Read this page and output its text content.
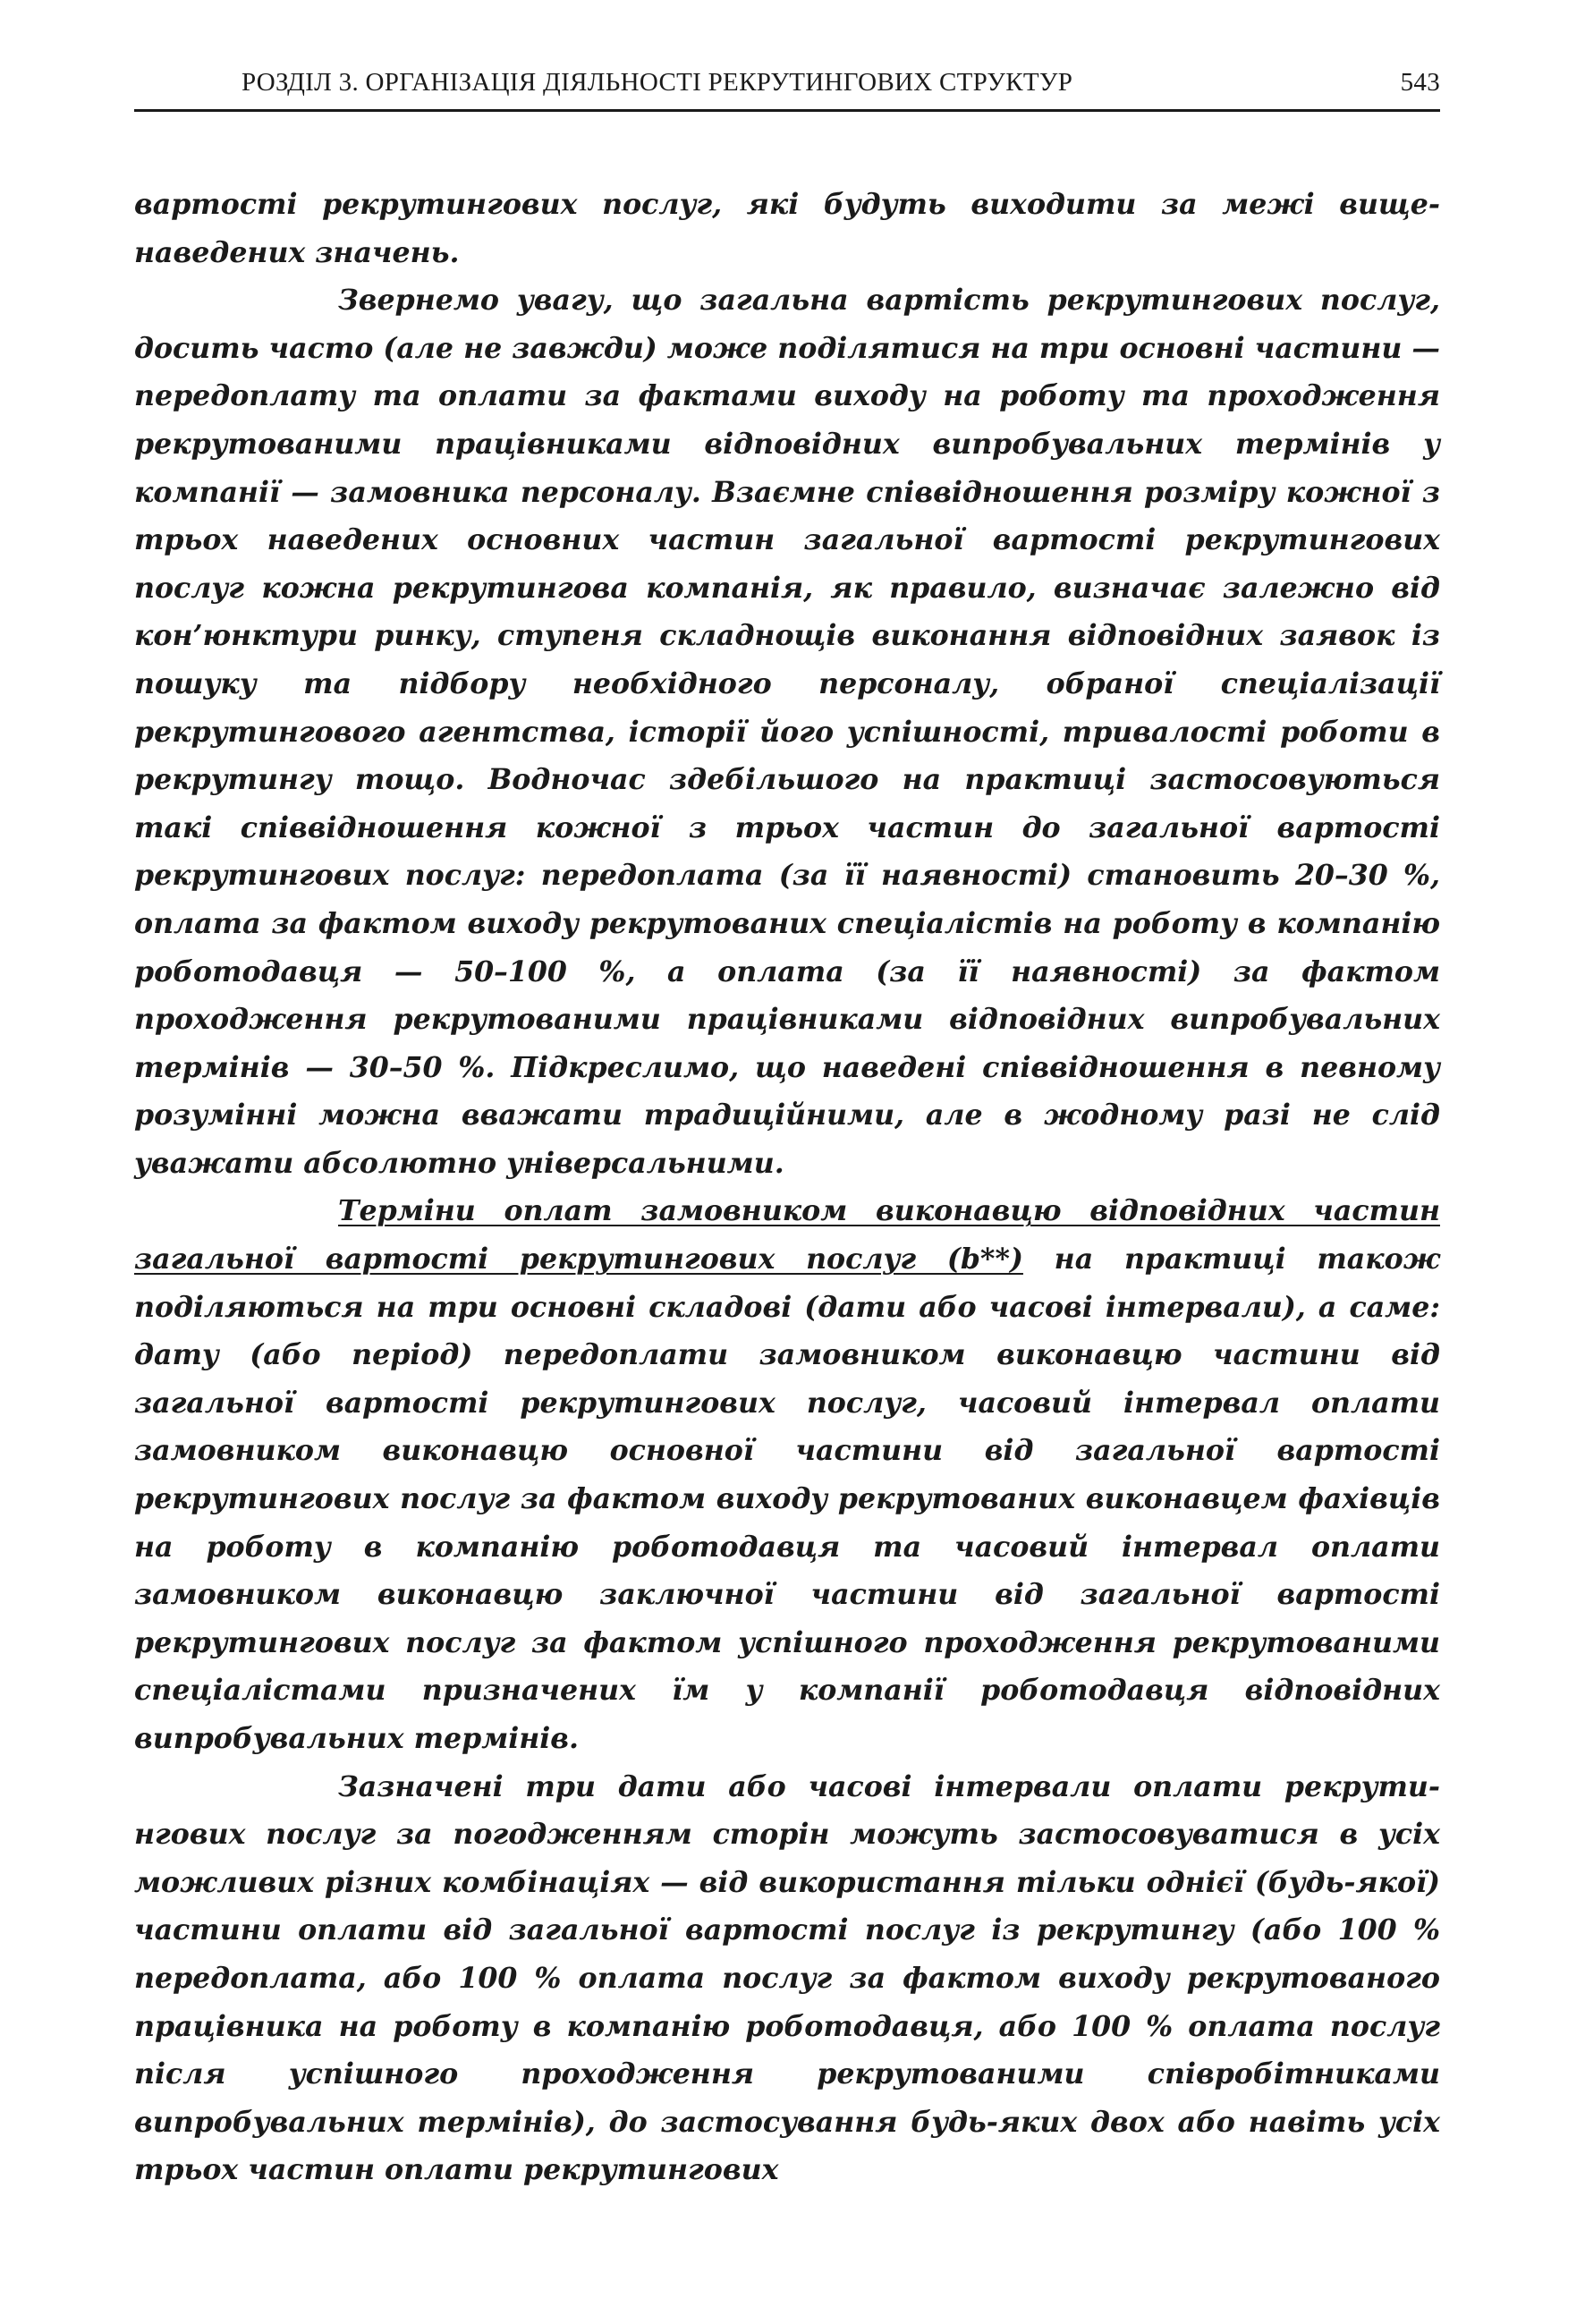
РОЗДІЛ 3. ОРГАНІЗАЦІЯ ДІЯЛЬНОСТІ РЕКРУТИНГОВИХ СТРУКТУР	543

вартості рекрутингових послуг, які будуть виходити за межі вищенаведених значень.

Звернемо увагу, що загальна вартість рекрутингових послуг, досить часто (але не завжди) може поділятися на три основні частини — передоплату та оплати за фактами виходу на роботу та проходження рекрутованими працівниками відповідних випробувальних термінів у компанії — замовника персоналу. Взаємне співвідношення розміру кожної з трьох наведених основних частин загальної вартості рекрутингових послуг кожна рекрутингова компанія, як правило, визначає залежно від кон’юнктури ринку, ступеня складнощів виконання відповідних заявок із пошуку та підбору необхідного персоналу, обраної спеціалізації рекрутингового агентства, історії його успішності, тривалості роботи в рекрутингу тощо. Водночас здебільшого на практиці застосовуються такі співвідношення кожної з трьох частин до загальної вартості рекрутингових послуг: передоплата (за її наявності) становить 20–30 %, оплата за фактом виходу рекрутованих спеціалістів на роботу в компанію роботодавця — 50–100 %, а оплата (за її наявності) за фактом проходження рекрутованими працівниками відповідних випробувальних термінів — 30–50 %. Підкреслимо, що наведені співвідношення в певному розумінні можна вважати традиційними, але в жодному разі не слід уважати абсолютно універсальними.

Терміни оплат замовником виконавцю відповідних частин загальної вартості рекрутингових послуг (b**) на практиці також поділяються на три основні складові (дати або часові інтервали), а саме: дату (або період) передоплати замовником виконавцю частини від загальної вартості рекрутингових послуг, часовий інтервал оплати замовником виконавцю основної частини від загальної вартості рекрутингових послуг за фактом виходу рекрутованих виконавцем фахівців на роботу в компанію роботодавця та часовий інтервал оплати замовником виконавцю заключної частини від загальної вартості рекрутингових послуг за фактом успішного проходження рекрутованими спеціалістами призначених їм у компанії роботодавця відповідних випробувальних термінів.

Зазначені три дати або часові інтервали оплати рекрутингових послуг за погодженням сторін можуть застосовуватися в усіх можливих різних комбінаціях — від використання тільки однієї (будь-якої) частини оплати від загальної вартості послуг із рекрутингу (або 100 % передоплата, або 100 % оплата послуг за фактом виходу рекрутованого працівника на роботу в компанію роботодавця, або 100 % оплата послуг після успішного проходження рекрутованими співробітниками випробувальних термінів), до застосування будь-яких двох або навіть усіх трьох частин оплати рекрутингових
